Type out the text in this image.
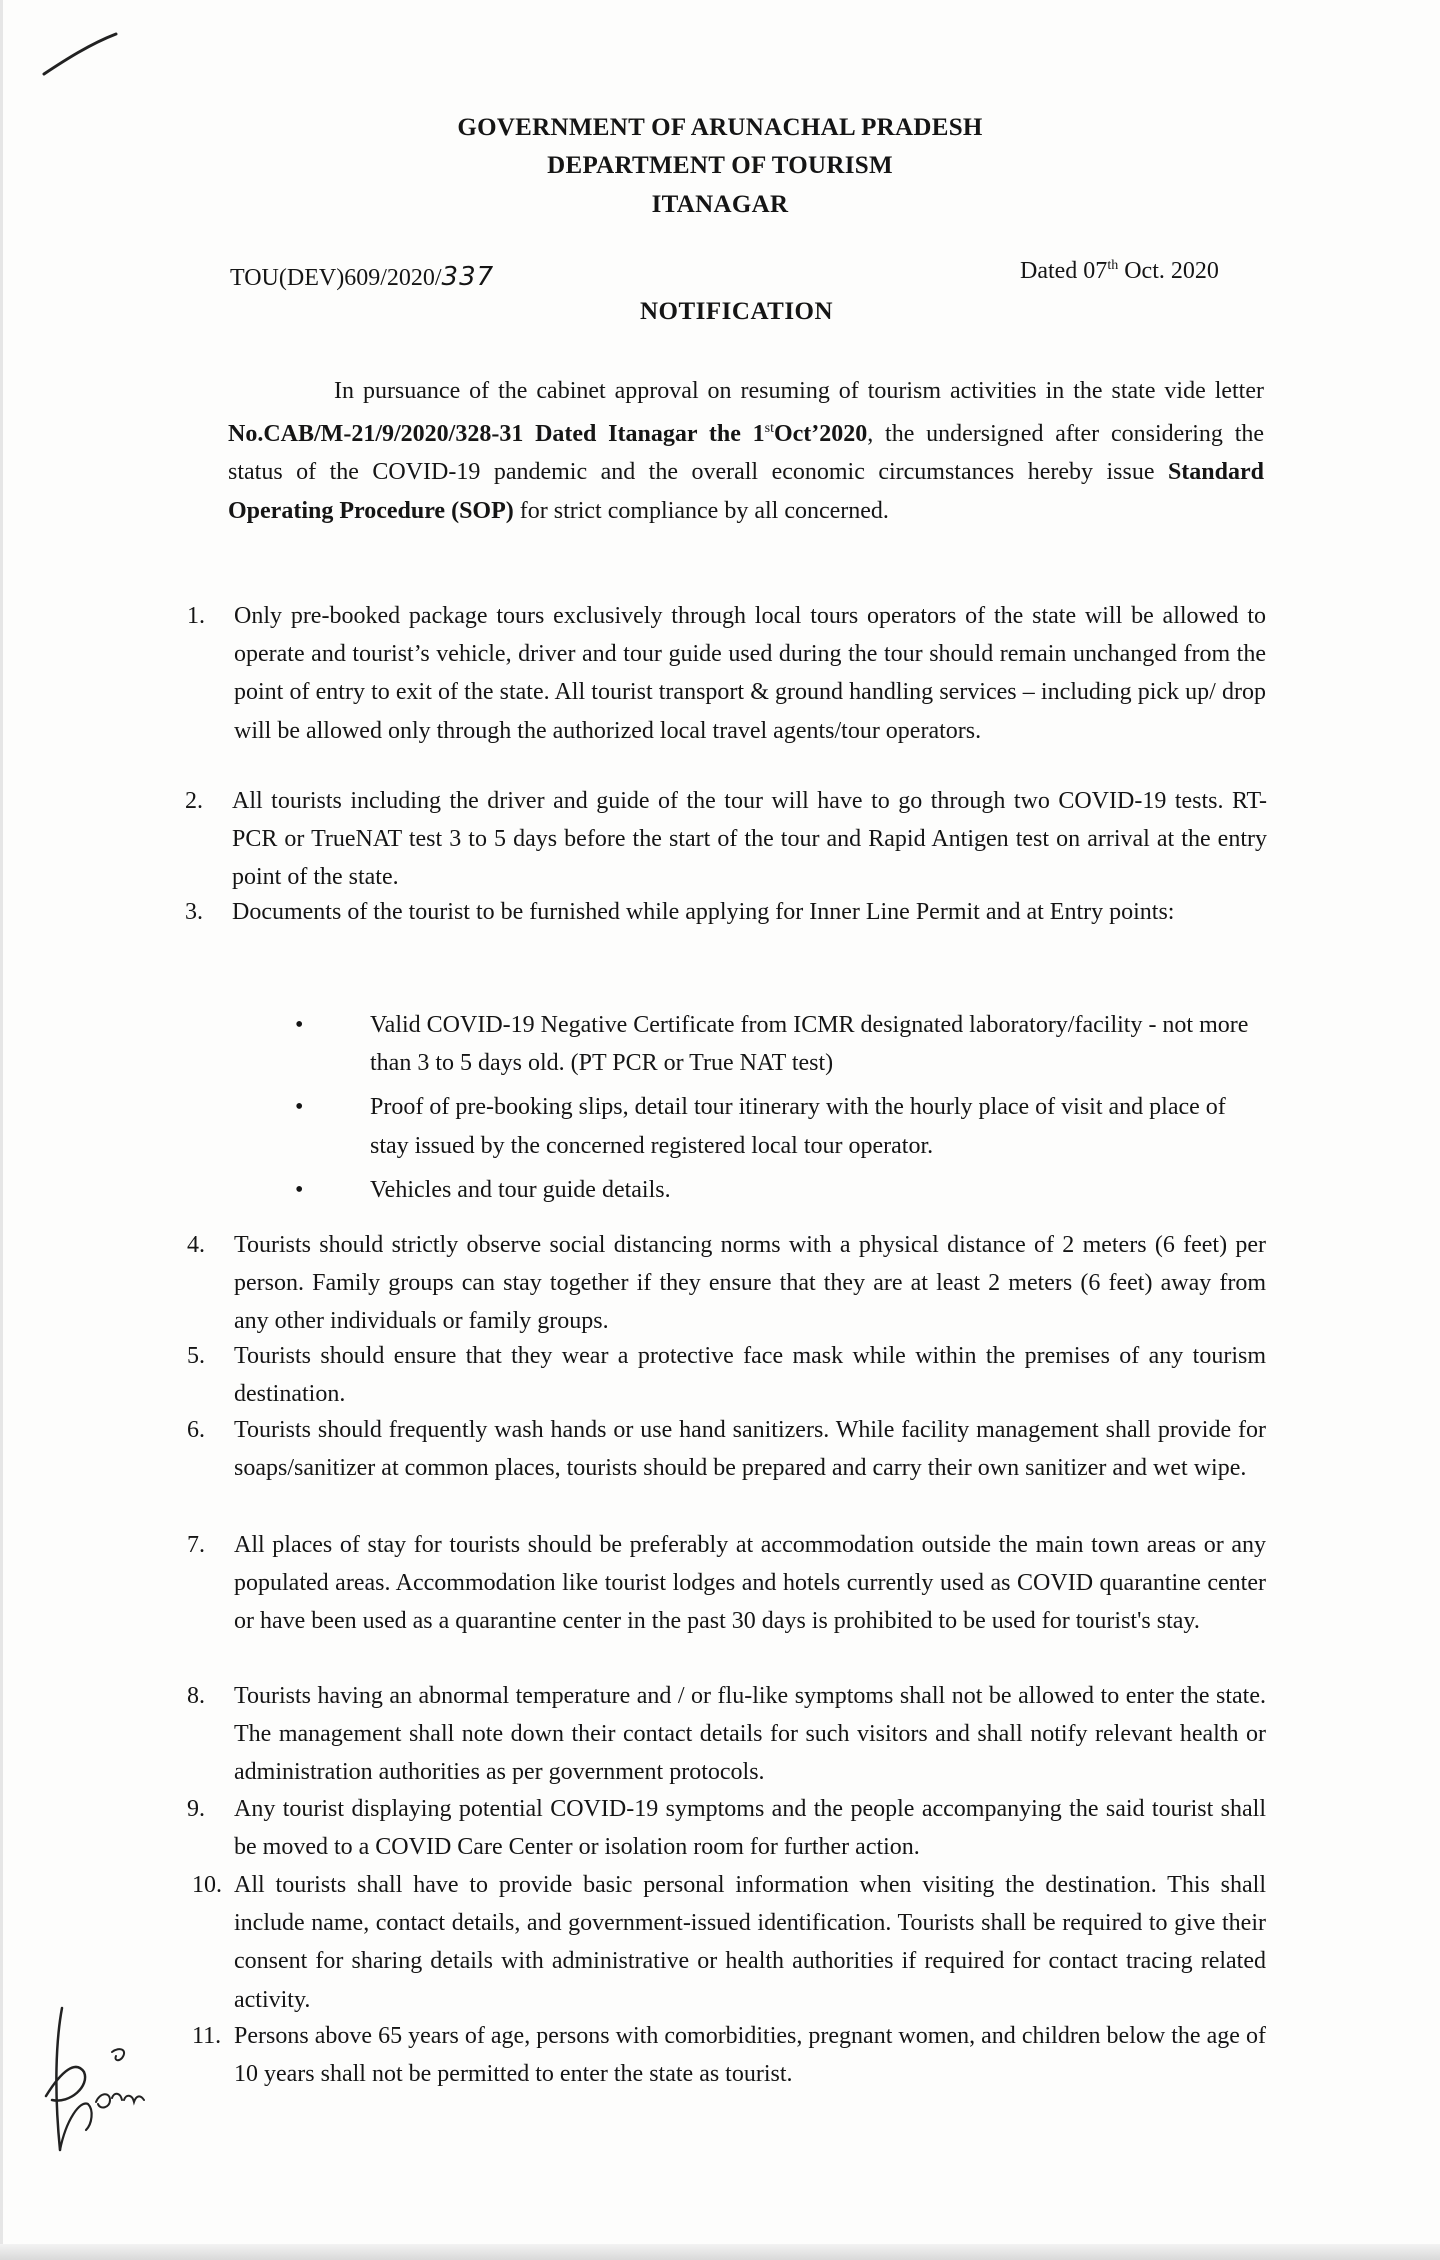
GOVERNMENT OF ARUNACHAL PRADESH
DEPARTMENT OF TOURISM
ITANAGAR
TOU(DEV)609/2020/337	Dated 07th Oct. 2020
NOTIFICATION

In pursuance of the cabinet approval on resuming of tourism activities in the state vide letter No.CAB/M-21/9/2020/328-31 Dated Itanagar the 1stOct’2020, the undersigned after considering the status of the COVID-19 pandemic and the overall economic circumstances hereby issue Standard Operating Procedure (SOP) for strict compliance by all concerned.

1. Only pre-booked package tours exclusively through local tours operators of the state will be allowed to operate and tourist’s vehicle, driver and tour guide used during the tour should remain unchanged from the point of entry to exit of the state. All tourist transport & ground handling services – including pick up/ drop will be allowed only through the authorized local travel agents/tour operators.
2. All tourists including the driver and guide of the tour will have to go through two COVID-19 tests. RT-PCR or TrueNAT test 3 to 5 days before the start of the tour and Rapid Antigen test on arrival at the entry point of the state.
3. Documents of the tourist to be furnished while applying for Inner Line Permit and at Entry points:
•	Valid COVID-19 Negative Certificate from ICMR designated laboratory/facility - not more than 3 to 5 days old. (PT PCR or True NAT test)
•	Proof of pre-booking slips, detail tour itinerary with the hourly place of visit and place of stay issued by the concerned registered local tour operator.
•	Vehicles and tour guide details.
4. Tourists should strictly observe social distancing norms with a physical distance of 2 meters (6 feet) per person. Family groups can stay together if they ensure that they are at least 2 meters (6 feet) away from any other individuals or family groups.
5. Tourists should ensure that they wear a protective face mask while within the premises of any tourism destination.
6. Tourists should frequently wash hands or use hand sanitizers. While facility management shall provide for soaps/sanitizer at common places, tourists should be prepared and carry their own sanitizer and wet wipe.
7. All places of stay for tourists should be preferably at accommodation outside the main town areas or any populated areas. Accommodation like tourist lodges and hotels currently used as COVID quarantine center or have been used as a quarantine center in the past 30 days is prohibited to be used for tourist's stay.
8. Tourists having an abnormal temperature and / or flu-like symptoms shall not be allowed to enter the state. The management shall note down their contact details for such visitors and shall notify relevant health or administration authorities as per government protocols.
9. Any tourist displaying potential COVID-19 symptoms and the people accompanying the said tourist shall be moved to a COVID Care Center or isolation room for further action.
10. All tourists shall have to provide basic personal information when visiting the destination. This shall include name, contact details, and government-issued identification. Tourists shall be required to give their consent for sharing details with administrative or health authorities if required for contact tracing related activity.
11. Persons above 65 years of age, persons with comorbidities, pregnant women, and children below the age of 10 years shall not be permitted to enter the state as tourist.
